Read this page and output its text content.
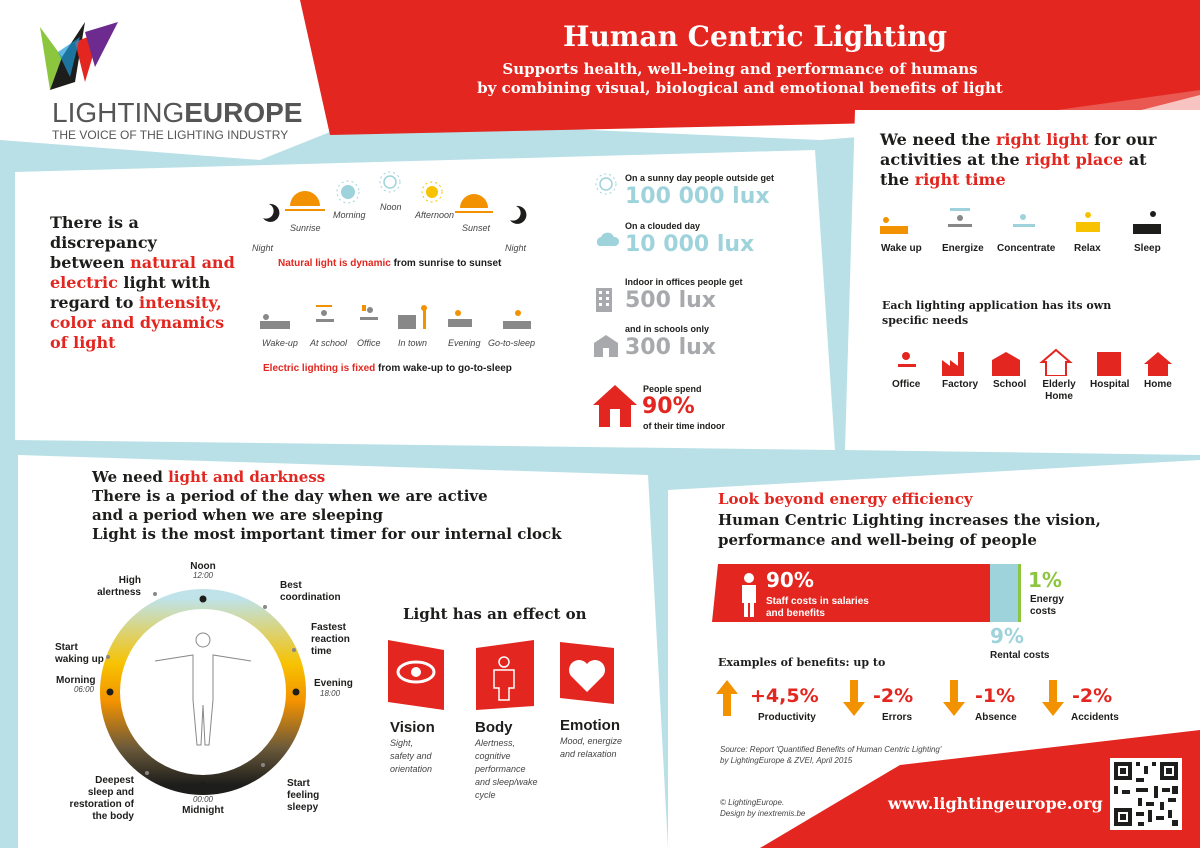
LIGHTINGEUROPE
THE VOICE OF THE LIGHTING INDUSTRY
Human Centric Lighting
Supports health, well-being and performance of humans
by combining visual, biological and emotional benefits of light
There is a
discrepancy
between natural and
electric light with
regard to intensity,
color and dynamics
of light
Night
Sunrise
Morning
Noon
Afternoon
Sunset
Night
Natural light is dynamic from sunrise to sunset
Wake-up At school Office In town Evening Go-to-sleep
Electric lighting is fixed from wake-up to go-to-sleep
On a sunny day people outside get
100 000 lux
On a clouded day
10 000 lux
Indoor in offices people get
500 lux
and in schools only
300 lux
People spend
90%
of their time indoor
We need the right light for our
activities at the right place at
the right time
Wake up Energize Concentrate Relax	Sleep
Each lighting application has its own
specific needs
Office Factory School	Elderly
Home
Hospital Home
We need light and darkness
There is a period of the day when we are active
and a period when we are sleeping
Light is the most important timer for our internal clock
Noon
12:00
High
alertness
Best
coordination
Fastest
reaction
time
Start
waking up
Morning
06:00
Evening
18:00
Deepest
sleep and
restoration of
the body
00:00
Midnight
Start
feeling
sleepy
Light has an effect on
Vision
Sight,
safety and
orientation
Body
Alertness,
cognitive
performance
and sleep/wake
cycle
Emotion
Mood, energize
and relaxation
Look beyond energy efficiency
Human Centric Lighting increases the vision,
performance and well-being of people
90%
Staff costs in salaries
and benefits
1%
Energy
costs
9%
Rental costs
Examples of benefits: up to
+4,5%
Productivity
-2%
Errors
-1%
Absence
-2%
Accidents
Source: Report 'Quantified Benefits of Human Centric Lighting'
by LightingEurope & ZVEI, April 2015
© LightingEurope.
Design by inextremis.be
www.lightingeurope.org
